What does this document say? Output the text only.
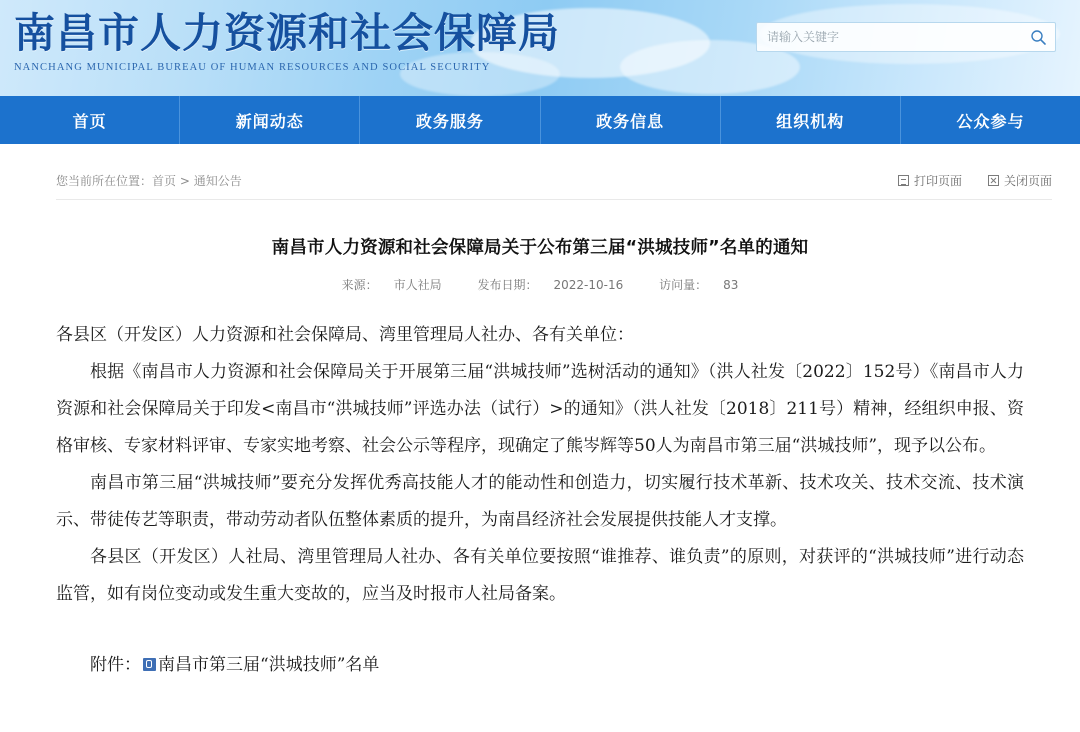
南昌市人力资源和社会保障局
NANCHANG MUNICIPAL BUREAU OF HUMAN RESOURCES AND SOCIAL SECURITY
请输入关键字
首页	新闻动态	政务服务	政务信息	组织机构	公众参与
您当前所在位置：首页 > 通知公告	打印页面	关闭页面
南昌市人力资源和社会保障局关于公布第三届“洪城技师”名单的通知
来源： 市人社局	发布日期： 2022-10-16	访问量： 83

各县区（开发区）人力资源和社会保障局、湾里管理局人社办、各有关单位：

根据《南昌市人力资源和社会保障局关于开展第三届“洪城技师”选树活动的通知》（洪人社发〔2022〕152号）《南昌市人力资源和社会保障局关于印发<南昌市“洪城技师”评选办法（试行）>的通知》（洪人社发〔2018〕211号）精神，经组织申报、资格审核、专家材料评审、专家实地考察、社会公示等程序，现确定了熊岑辉等50人为南昌市第三届“洪城技师”，现予以公布。

南昌市第三届“洪城技师”要充分发挥优秀高技能人才的能动性和创造力，切实履行技术革新、技术攻关、技术交流、技术演示、带徒传艺等职责，带动劳动者队伍整体素质的提升，为南昌经济社会发展提供技能人才支撑。

各县区（开发区）人社局、湾里管理局人社办、各有关单位要按照“谁推荐、谁负责”的原则，对获评的“洪城技师”进行动态监管，如有岗位变动或发生重大变故的，应当及时报市人社局备案。

附件： 南昌市第三届“洪城技师”名单
